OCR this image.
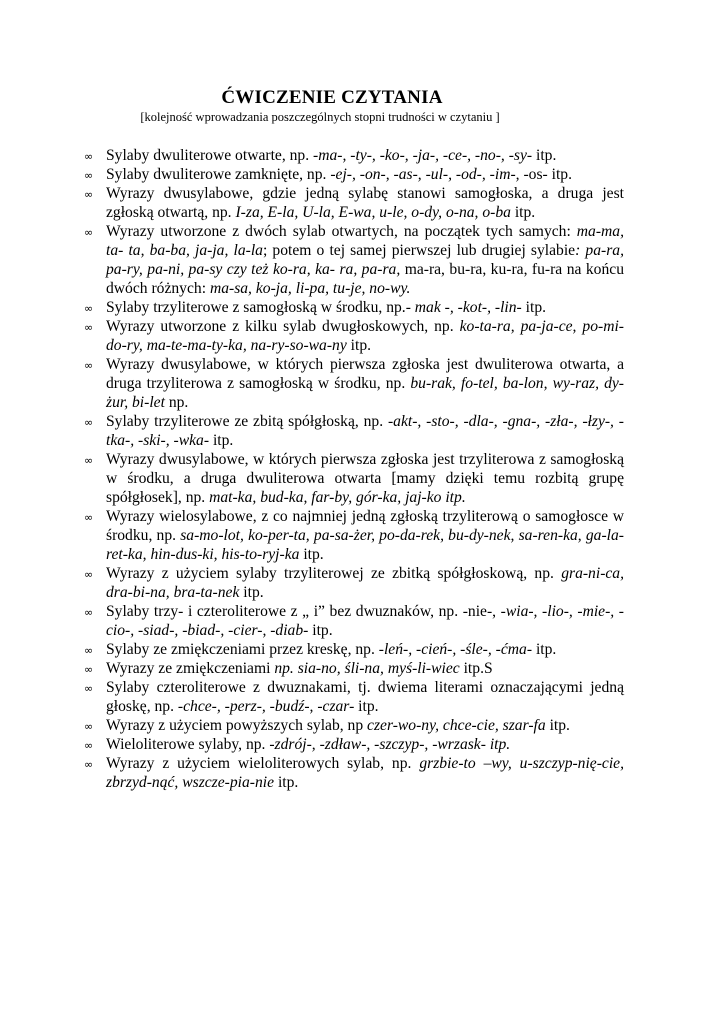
ĆWICZENIE CZYTANIA
[kolejność wprowadzania poszczególnych stopni trudności w czytaniu ]
∞ Sylaby dwuliterowe otwarte, np. -ma-, -ty-, -ko-, -ja-, -ce-, -no-, -sy- itp.
∞ Sylaby dwuliterowe zamknięte, np. -ej-, -on-, -as-, -ul-, -od-, -im-, -os- itp.
∞ Wyrazy dwusylabowe, gdzie jedną sylabę stanowi samogłoska, a druga jest zgłoską otwartą, np. I-za, E-la, U-la, E-wa, u-le, o-dy, o-na, o-ba itp.
∞ Wyrazy utworzone z dwóch sylab otwartych, na początek tych samych: ma-ma, ta- ta, ba-ba, ja-ja, la-la; potem o tej samej pierwszej lub drugiej sylabie: pa-ra, pa-ry, pa-ni, pa-sy czy też ko-ra, ka- ra, pa-ra, ma-ra, bu-ra, ku-ra, fu-ra na końcu dwóch różnych: ma-sa, ko-ja, li-pa, tu-je, no-wy.
∞ Sylaby trzyliterowe z samogłoską w środku, np.- mak -, -kot-, -lin- itp.
∞ Wyrazy utworzone z kilku sylab dwugłoskowych, np. ko-ta-ra, pa-ja-ce, po-mi-do-ry, ma-te-ma-ty-ka, na-ry-so-wa-ny itp.
∞ Wyrazy dwusylabowe, w których pierwsza zgłoska jest dwuliterowa otwarta, a druga trzyliterowa z samogłoską w środku, np. bu-rak, fo-tel, ba-lon, wy-raz, dy-żur, bi-let np.
∞ Sylaby trzyliterowe ze zbitą spółgłoską, np. -akt-, -sto-, -dla-, -gna-, -zła-, -łzy-, -tka-, -ski-, -wka- itp.
∞ Wyrazy dwusylabowe, w których pierwsza zgłoska jest trzyliterowa z samogłoską w środku, a druga dwuliterowa otwarta [mamy dzięki temu rozbitą grupę spółgłosek], np. mat-ka, bud-ka, far-by, gór-ka, jaj-ko itp.
∞ Wyrazy wielosylabowe, z co najmniej jedną zgłoską trzyliterową o samogłosce w środku, np. sa-mo-lot, ko-per-ta, pa-sa-żer, po-da-rek, bu-dy-nek, sa-ren-ka, ga-la-ret-ka, hin-dus-ki, his-to-ryj-ka itp.
∞ Wyrazy z użyciem sylaby trzyliterowej ze zbitką spółgłoskową, np. gra-ni-ca, dra-bi-na, bra-ta-nek itp.
∞ Sylaby trzy- i czteroliterowe z „ i” bez dwuznaków, np. -nie-, -wia-, -lio-, -mie-, -cio-, -siad-, -biad-, -cier-, -diab- itp.
∞ Sylaby ze zmiękczeniami przez kreskę, np. -leń-, -cień-, -śle-, -ćma- itp.
∞ Wyrazy ze zmiękczeniami np. sia-no, śli-na, myś-li-wiec itp.S
∞ Sylaby czteroliterowe z dwuznakami, tj. dwiema literami oznaczającymi jedną głoskę, np. -chce-, -perz-, -budź-, -czar- itp.
∞ Wyrazy z użyciem powyższych sylab, np czer-wo-ny, chce-cie, szar-fa itp.
∞ Wieloliterowe sylaby, np. -zdrój-, -zdław-, -szczyp-, -wrzask- itp.
∞ Wyrazy z użyciem wieloliterowych sylab, np. grzbie-to –wy, u-szczyp-nię-cie, zbrzyd-nąć, wszcze-pia-nie itp.
